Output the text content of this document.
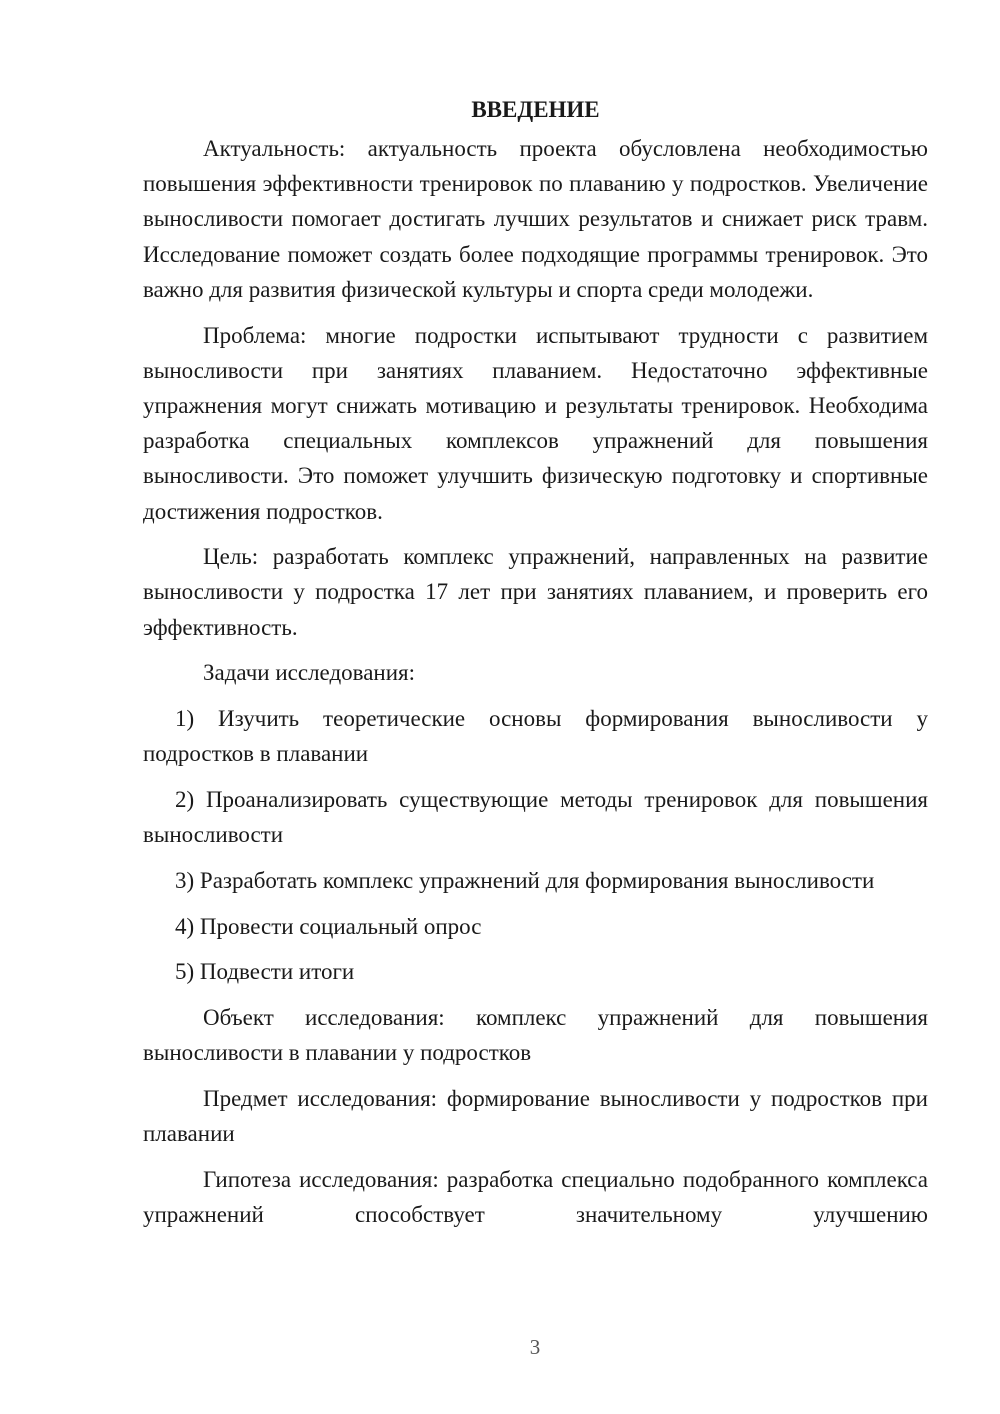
ВВЕДЕНИЕ

Актуальность: актуальность проекта обусловлена необходимостью повышения эффективности тренировок по плаванию у подростков. Увеличение выносливости помогает достигать лучших результатов и снижает риск травм. Исследование поможет создать более подходящие программы тренировок. Это важно для развития физической культуры и спорта среди молодежи.

Проблема: многие подростки испытывают трудности с развитием выносливости при занятиях плаванием. Недостаточно эффективные упражнения могут снижать мотивацию и результаты тренировок. Необходима разработка специальных комплексов упражнений для повышения выносливости. Это поможет улучшить физическую подготовку и спортивные достижения подростков.

Цель: разработать комплекс упражнений, направленных на развитие выносливости у подростка 17 лет при занятиях плаванием, и проверить его эффективность.

Задачи исследования:

1) Изучить теоретические основы формирования выносливости у подростков в плавании

2) Проанализировать существующие методы тренировок для повышения выносливости

3) Разработать комплекс упражнений для формирования выносливости

4) Провести социальный опрос

5) Подвести итоги

Объект исследования: комплекс упражнений для повышения выносливости в плавании у подростков

Предмет исследования: формирование выносливости у подростков при плавании

Гипотеза исследования: разработка специально подобранного комплекса упражнений способствует значительному улучшению

3
